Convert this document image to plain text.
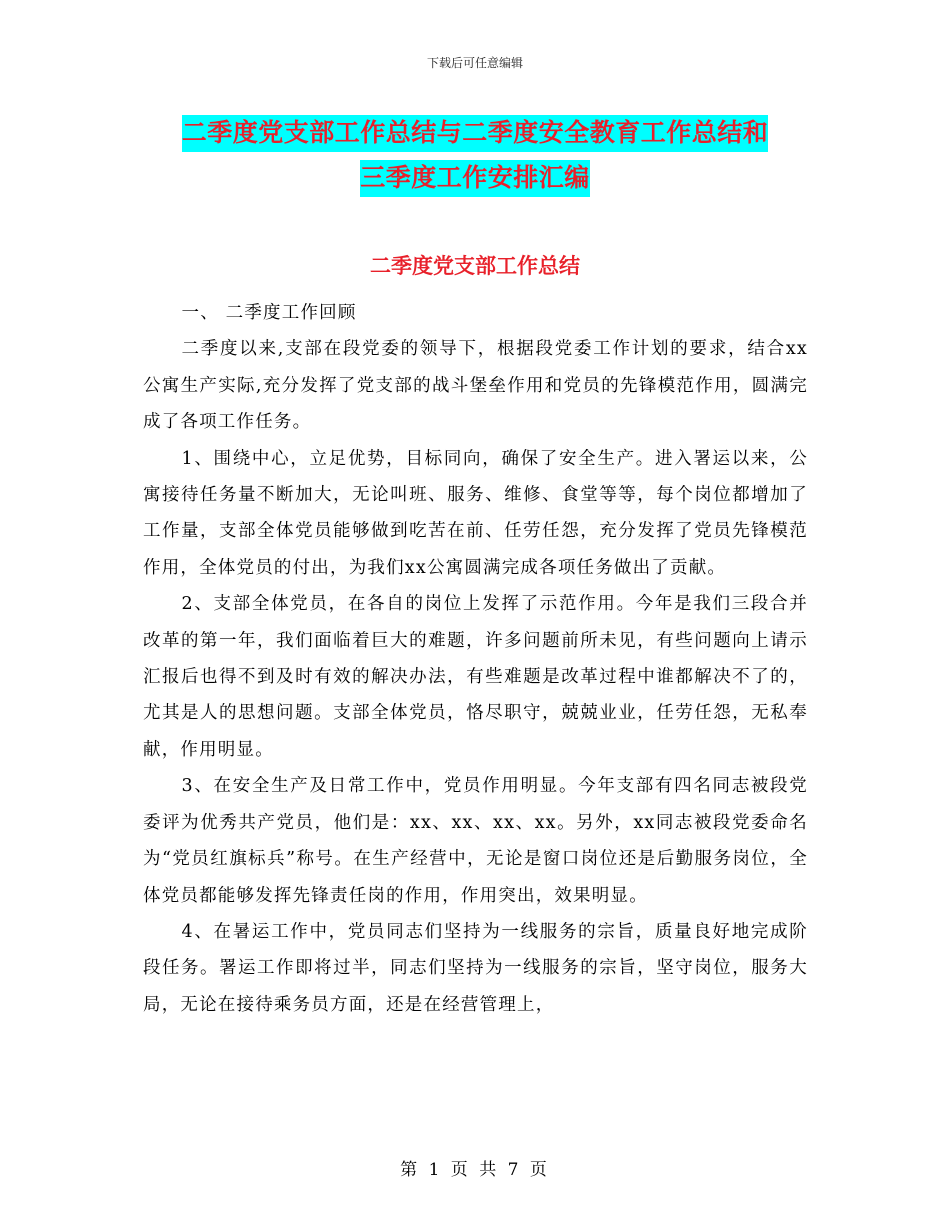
下载后可任意编辑
二季度党支部工作总结与二季度安全教育工作总结和
三季度工作安排汇编
二季度党支部工作总结

一、 二季度工作回顾

二季度以来,支部在段党委的领导下，根据段党委工作计划的要求，结合xx公寓生产实际,充分发挥了党支部的战斗堡垒作用和党员的先锋模范作用，圆满完成了各项工作任务。

1、围绕中心，立足优势，目标同向，确保了安全生产。进入署运以来，公寓接待任务量不断加大，无论叫班、服务、维修、食堂等等，每个岗位都增加了工作量，支部全体党员能够做到吃苦在前、任劳任怨，充分发挥了党员先锋模范作用，全体党员的付出，为我们xx公寓圆满完成各项任务做出了贡献。

2、支部全体党员，在各自的岗位上发挥了示范作用。今年是我们三段合并改革的第一年，我们面临着巨大的难题，许多问题前所未见，有些问题向上请示汇报后也得不到及时有效的解决办法，有些难题是改革过程中谁都解决不了的，尤其是人的思想问题。支部全体党员，恪尽职守，兢兢业业，任劳任怨，无私奉献，作用明显。

3、在安全生产及日常工作中，党员作用明显。今年支部有四名同志被段党委评为优秀共产党员，他们是：xx、xx、xx、xx。另外，xx同志被段党委命名为“党员红旗标兵”称号。在生产经营中，无论是窗口岗位还是后勤服务岗位，全体党员都能够发挥先锋责任岗的作用，作用突出，效果明显。

4、在暑运工作中，党员同志们坚持为一线服务的宗旨，质量良好地完成阶段任务。署运工作即将过半，同志们坚持为一线服务的宗旨，坚守岗位，服务大局，无论在接待乘务员方面，还是在经营管理上，

第 1 页 共 7 页
